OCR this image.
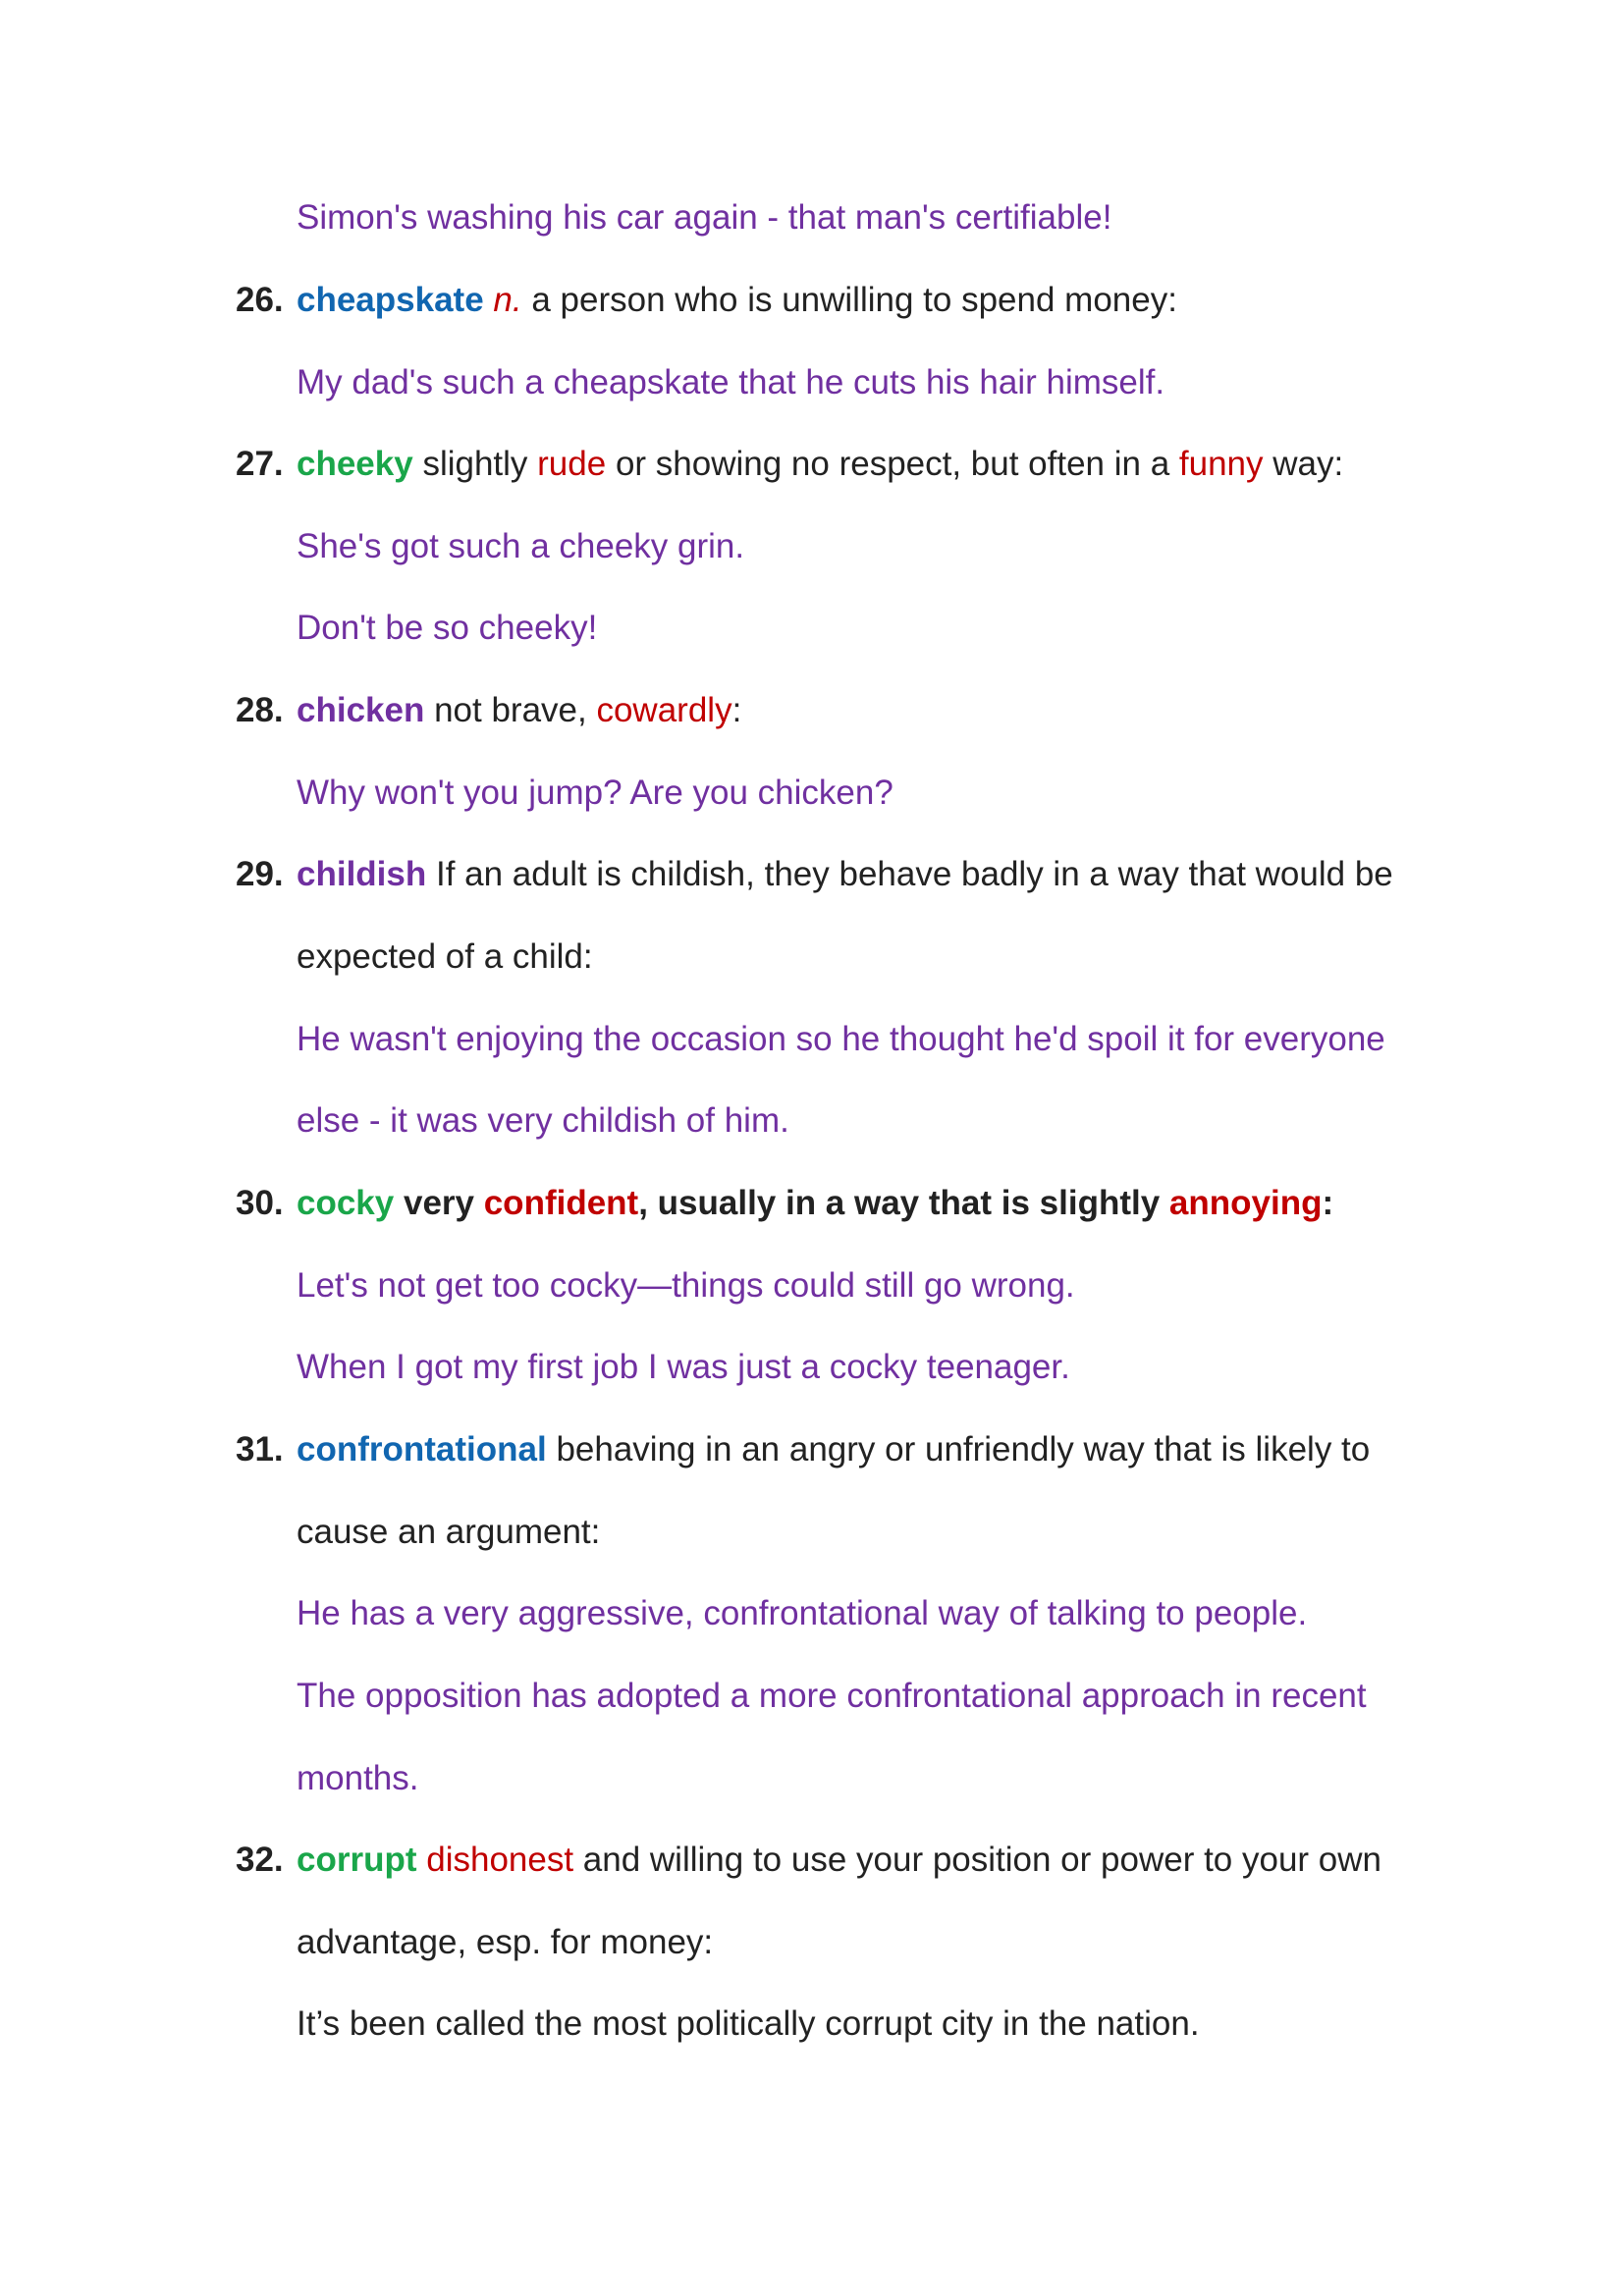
Simon's washing his car again - that man's certifiable!
26. cheapskate n. a person who is unwilling to spend money:
My dad's such a cheapskate that he cuts his hair himself.
27. cheeky slightly rude or showing no respect, but often in a funny way:
She's got such a cheeky grin.
Don't be so cheeky!
28. chicken not brave, cowardly:
Why won't you jump? Are you chicken?
29. childish If an adult is childish, they behave badly in a way that would be
expected of a child:
He wasn't enjoying the occasion so he thought he'd spoil it for everyone
else - it was very childish of him.
30. cocky very confident, usually in a way that is slightly annoying:
Let's not get too cocky—things could still go wrong.
When I got my first job I was just a cocky teenager.
31. confrontational behaving in an angry or unfriendly way that is likely to
cause an argument:
He has a very aggressive, confrontational way of talking to people.
The opposition has adopted a more confrontational approach in recent
months.
32. corrupt dishonest and willing to use your position or power to your own
advantage, esp. for money:
It’s been called the most politically corrupt city in the nation.
